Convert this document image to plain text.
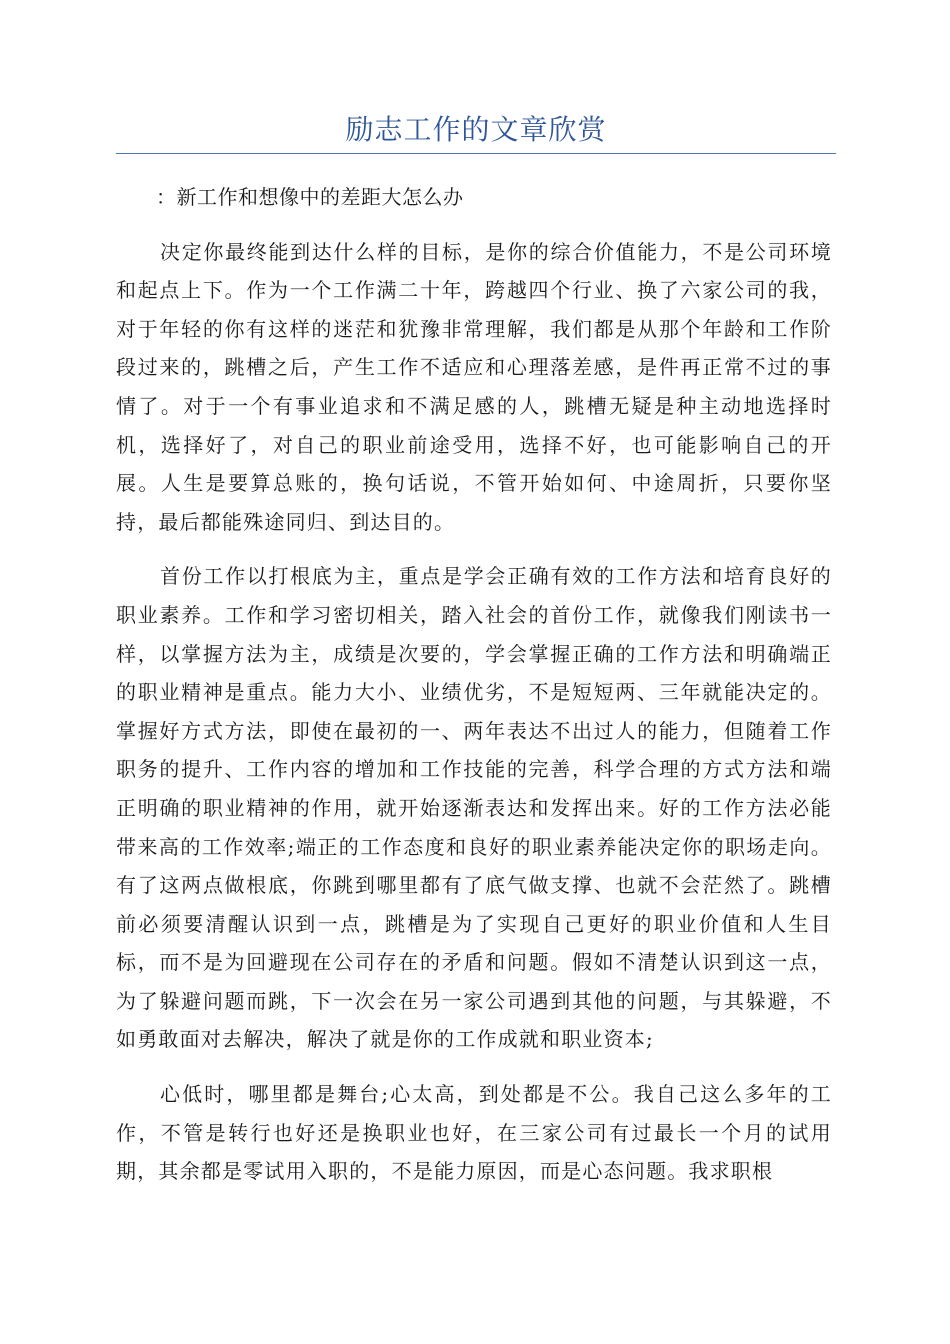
励志工作的文章欣赏

：新工作和想像中的差距大怎么办

决定你最终能到达什么样的目标，是你的综合价值能力，不是公司环境和起点上下。作为一个工作满二十年，跨越四个行业、换了六家公司的我，对于年轻的你有这样的迷茫和犹豫非常理解，我们都是从那个年龄和工作阶段过来的，跳槽之后，产生工作不适应和心理落差感，是件再正常不过的事情了。对于一个有事业追求和不满足感的人，跳槽无疑是种主动地选择时机，选择好了，对自己的职业前途受用，选择不好，也可能影响自己的开展。人生是要算总账的，换句话说，不管开始如何、中途周折，只要你坚持，最后都能殊途同归、到达目的。

首份工作以打根底为主，重点是学会正确有效的工作方法和培育良好的职业素养。工作和学习密切相关，踏入社会的首份工作，就像我们刚读书一样，以掌握方法为主，成绩是次要的，学会掌握正确的工作方法和明确端正的职业精神是重点。能力大小、业绩优劣，不是短短两、三年就能决定的。掌握好方式方法，即使在最初的一、两年表达不出过人的能力，但随着工作职务的提升、工作内容的增加和工作技能的完善，科学合理的方式方法和端正明确的职业精神的作用，就开始逐渐表达和发挥出来。好的工作方法必能带来高的工作效率;端正的工作态度和良好的职业素养能决定你的职场走向。有了这两点做根底，你跳到哪里都有了底气做支撑、也就不会茫然了。跳槽前必须要清醒认识到一点，跳槽是为了实现自己更好的职业价值和人生目标，而不是为回避现在公司存在的矛盾和问题。假如不清楚认识到这一点，为了躲避问题而跳，下一次会在另一家公司遇到其他的问题，与其躲避，不如勇敢面对去解决，解决了就是你的工作成就和职业资本;

心低时，哪里都是舞台;心太高，到处都是不公。我自己这么多年的工作，不管是转行也好还是换职业也好，在三家公司有过最长一个月的试用期，其余都是零试用入职的，不是能力原因，而是心态问题。我求职根
